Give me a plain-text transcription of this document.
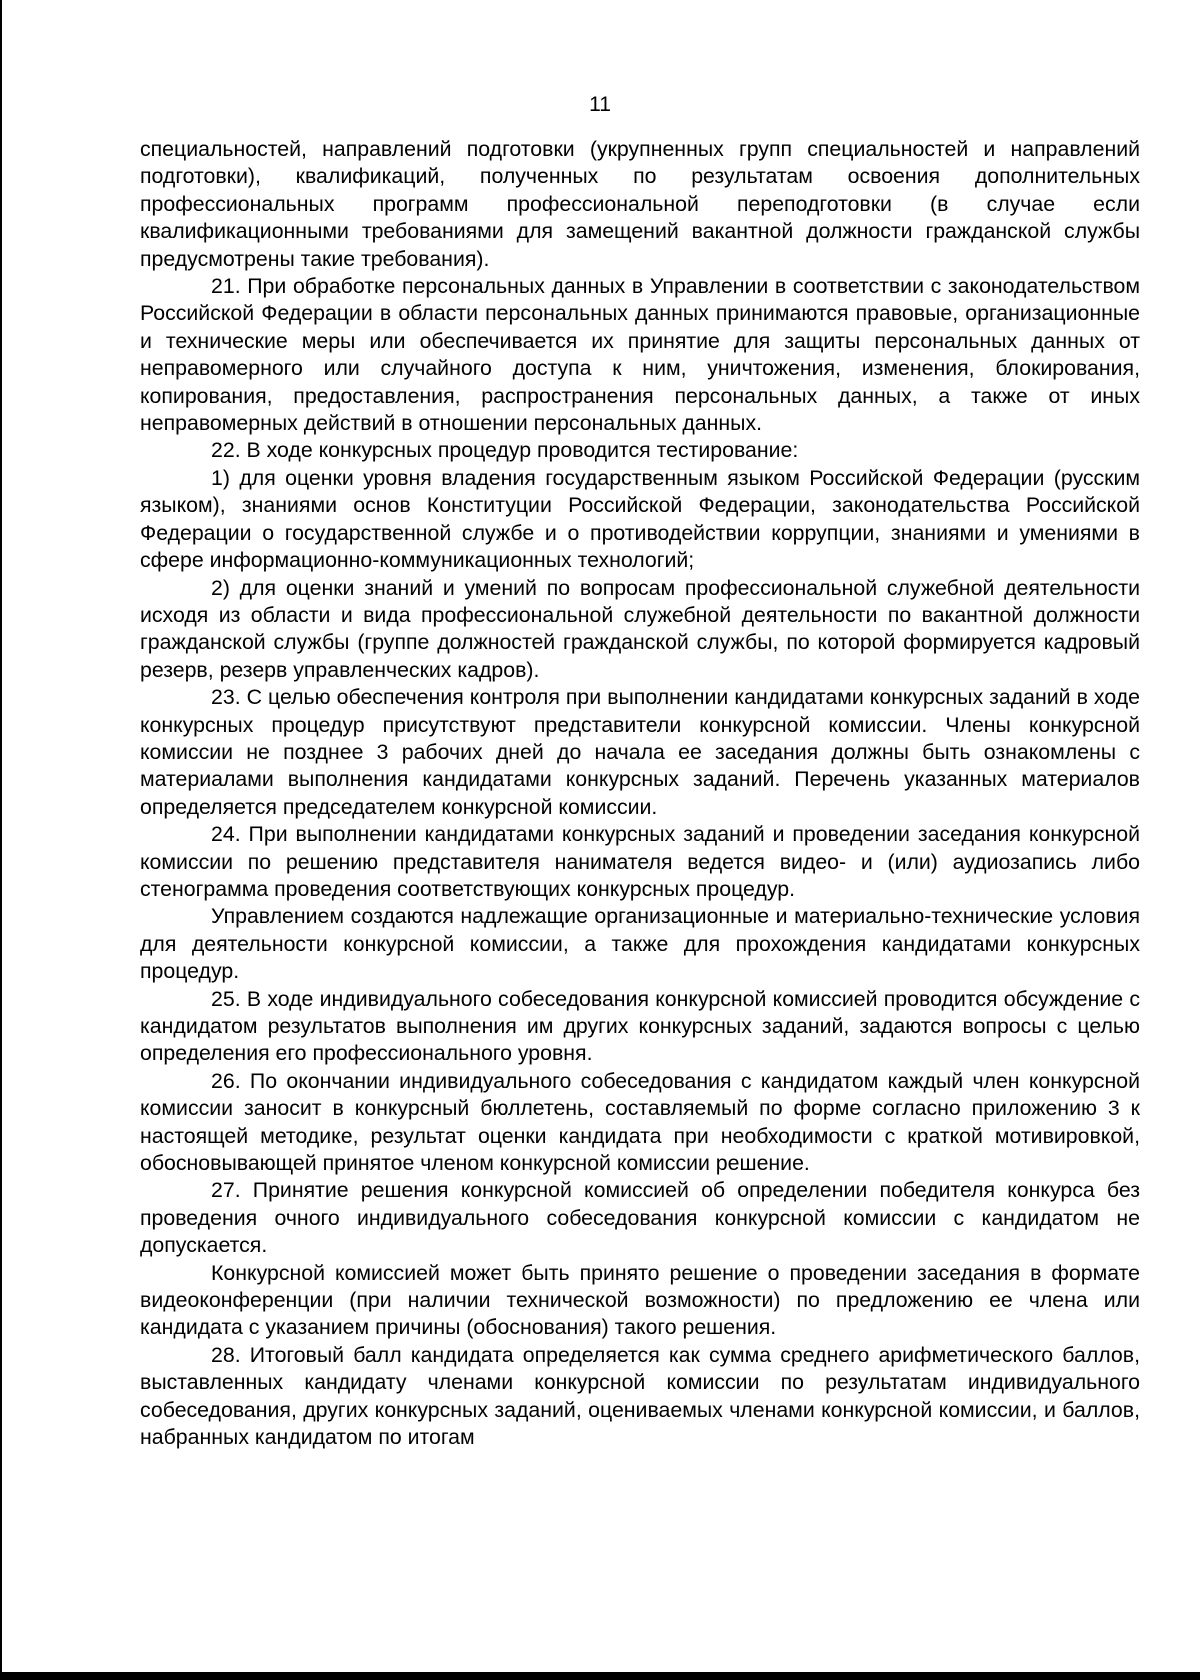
11

специальностей, направлений подготовки (укрупненных групп специальностей и направлений подготовки), квалификаций, полученных по результатам освоения дополнительных профессиональных программ профессиональной переподготовки (в случае если квалификационными требованиями для замещений вакантной должности гражданской службы предусмотрены такие требования).

21. При обработке персональных данных в Управлении в соответствии с законодательством Российской Федерации в области персональных данных принимаются правовые, организационные и технические меры или обеспечивается их принятие для защиты персональных данных от неправомерного или случайного доступа к ним, уничтожения, изменения, блокирования, копирования, предоставления, распространения персональных данных, а также от иных неправомерных действий в отношении персональных данных.

22. В ходе конкурсных процедур проводится тестирование:

1) для оценки уровня владения государственным языком Российской Федерации (русским языком), знаниями основ Конституции Российской Федерации, законодательства Российской Федерации о государственной службе и о противодействии коррупции, знаниями и умениями в сфере информационно-коммуникационных технологий;

2) для оценки знаний и умений по вопросам профессиональной служебной деятельности исходя из области и вида профессиональной служебной деятельности по вакантной должности гражданской службы (группе должностей гражданской службы, по которой формируется кадровый резерв, резерв управленческих кадров).

23. С целью обеспечения контроля при выполнении кандидатами конкурсных заданий в ходе конкурсных процедур присутствуют представители конкурсной комиссии. Члены конкурсной комиссии не позднее 3 рабочих дней до начала ее заседания должны быть ознакомлены с материалами выполнения кандидатами конкурсных заданий. Перечень указанных материалов определяется председателем конкурсной комиссии.

24. При выполнении кандидатами конкурсных заданий и проведении заседания конкурсной комиссии по решению представителя нанимателя ведется видео- и (или) аудиозапись либо стенограмма проведения соответствующих конкурсных процедур.

Управлением создаются надлежащие организационные и материально-технические условия для деятельности конкурсной комиссии, а также для прохождения кандидатами конкурсных процедур.

25. В ходе индивидуального собеседования конкурсной комиссией проводится обсуждение с кандидатом результатов выполнения им других конкурсных заданий, задаются вопросы с целью определения его профессионального уровня.

26. По окончании индивидуального собеседования с кандидатом каждый член конкурсной комиссии заносит в конкурсный бюллетень, составляемый по форме согласно приложению 3 к настоящей методике, результат оценки кандидата при необходимости с краткой мотивировкой, обосновывающей принятое членом конкурсной комиссии решение.

27. Принятие решения конкурсной комиссией об определении победителя конкурса без проведения очного индивидуального собеседования конкурсной комиссии с кандидатом не допускается.

Конкурсной комиссией может быть принято решение о проведении заседания в формате видеоконференции (при наличии технической возможности) по предложению ее члена или кандидата с указанием причины (обоснования) такого решения.

28. Итоговый балл кандидата определяется как сумма среднего арифметического баллов, выставленных кандидату членами конкурсной комиссии по результатам индивидуального собеседования, других конкурсных заданий, оцениваемых членами конкурсной комиссии, и баллов, набранных кандидатом по итогам
